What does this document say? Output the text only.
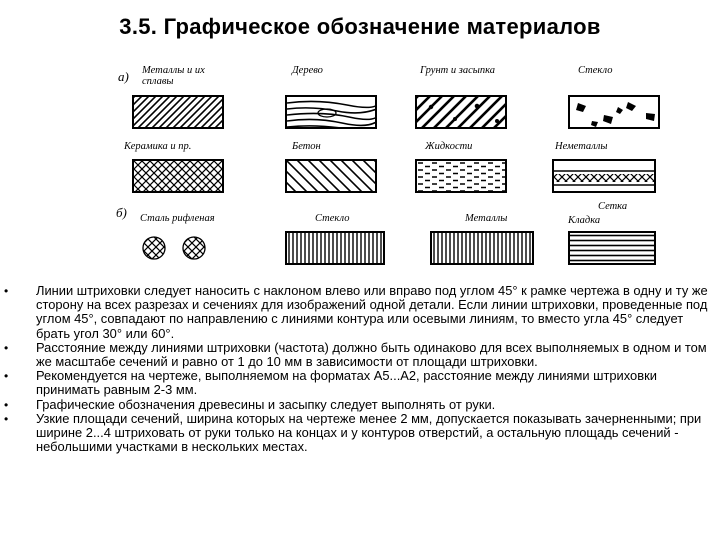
3.5. Графическое обозначение материалов
а) Металлы и их сплавы
Дерево	Грунт и засыпка	Стекло
Керамика и пр.	Бетон	Жидкости	Неметаллы
б) Сталь рифленая	Стекло	Металлы
Сетка
Кладка
• Линии штриховки следует наносить с наклоном влево или вправо под углом 45° к рамке чертежа в одну и ту же сторону на всех разрезах и сечениях для изображений одной детали. Если линии штриховки, проведенные под углом 45°, совпадают по направлению с линиями контура или осевыми линиям, то вместо угла 45° следует брать угол 30° или 60°.
• Расстояние между линиями штриховки (частота) должно быть одинаково для всех выполняемых в одном и том же масштабе сечений и равно от 1 до 10 мм в зависимости от площади штриховки.
• Рекомендуется на чертеже, выполняемом на форматах А5...А2, расстояние между линиями штриховки принимать равным 2-3 мм.
• Графические обозначения древесины и засыпку следует выполнять от руки.
• Узкие площади сечений, ширина которых на чертеже менее 2 мм, допускается показывать зачерненными; при ширине 2...4 штриховать от руки только на концах и у контуров отверстий, а остальную площадь сечений - небольшими участками в нескольких местах.
